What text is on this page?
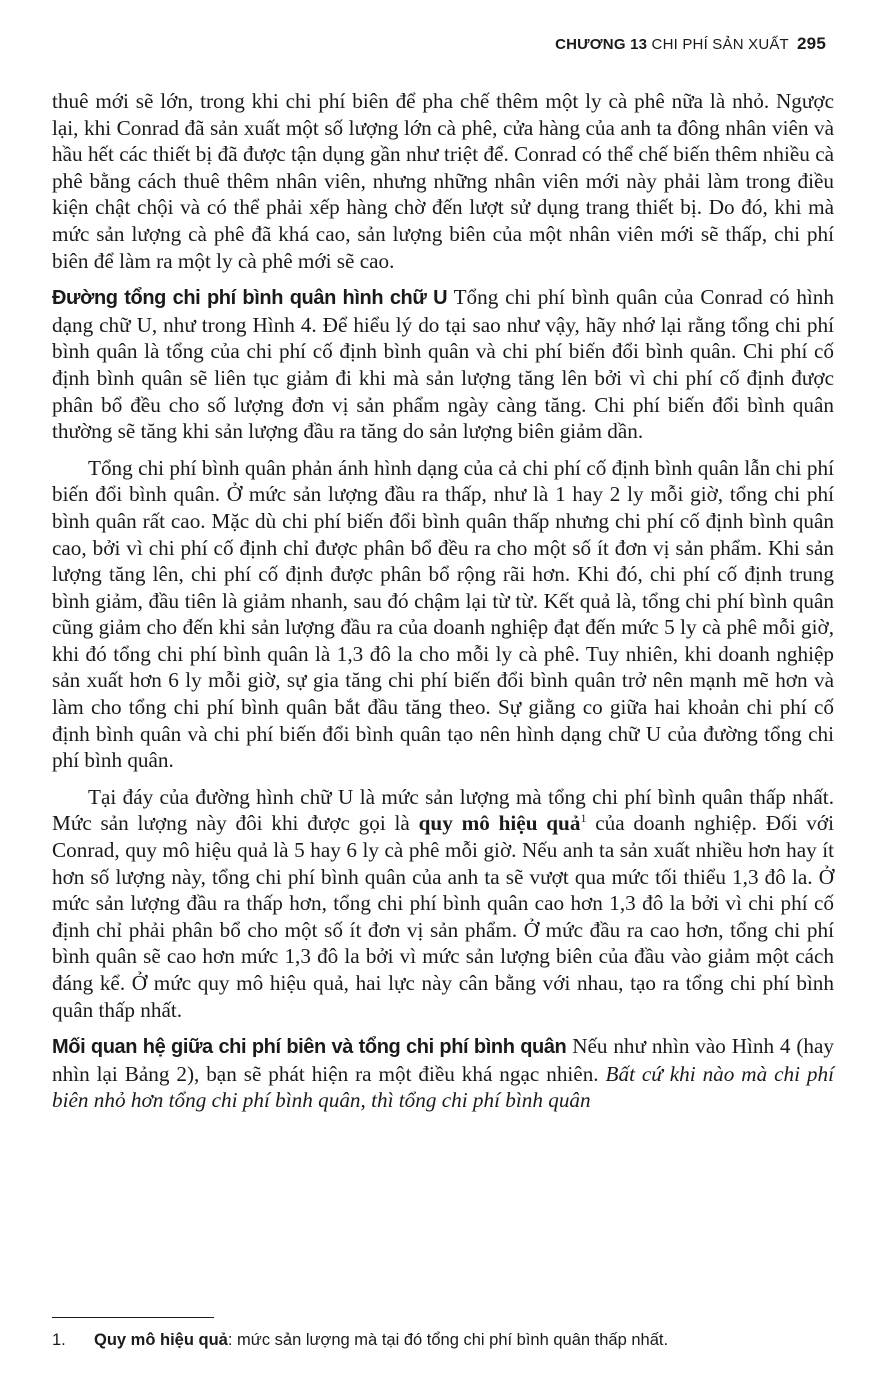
CHƯƠNG 13 CHI PHÍ SẢN XUẤT 295

thuê mới sẽ lớn, trong khi chi phí biên để pha chế thêm một ly cà phê nữa là nhỏ. Ngược lại, khi Conrad đã sản xuất một số lượng lớn cà phê, cửa hàng của anh ta đông nhân viên và hầu hết các thiết bị đã được tận dụng gần như triệt để. Conrad có thể chế biến thêm nhiều cà phê bằng cách thuê thêm nhân viên, nhưng những nhân viên mới này phải làm trong điều kiện chật chội và có thể phải xếp hàng chờ đến lượt sử dụng trang thiết bị. Do đó, khi mà mức sản lượng cà phê đã khá cao, sản lượng biên của một nhân viên mới sẽ thấp, chi phí biên để làm ra một ly cà phê mới sẽ cao.

Đường tổng chi phí bình quân hình chữ U Tổng chi phí bình quân của Conrad có hình dạng chữ U, như trong Hình 4. Để hiểu lý do tại sao như vậy, hãy nhớ lại rằng tổng chi phí bình quân là tổng của chi phí cố định bình quân và chi phí biến đổi bình quân. Chi phí cố định bình quân sẽ liên tục giảm đi khi mà sản lượng tăng lên bởi vì chi phí cố định được phân bổ đều cho số lượng đơn vị sản phẩm ngày càng tăng. Chi phí biến đổi bình quân thường sẽ tăng khi sản lượng đầu ra tăng do sản lượng biên giảm dần.

Tổng chi phí bình quân phản ánh hình dạng của cả chi phí cố định bình quân lẫn chi phí biến đổi bình quân. Ở mức sản lượng đầu ra thấp, như là 1 hay 2 ly mỗi giờ, tổng chi phí bình quân rất cao. Mặc dù chi phí biến đổi bình quân thấp nhưng chi phí cố định bình quân cao, bởi vì chi phí cố định chỉ được phân bổ đều ra cho một số ít đơn vị sản phẩm. Khi sản lượng tăng lên, chi phí cố định được phân bổ rộng rãi hơn. Khi đó, chi phí cố định trung bình giảm, đầu tiên là giảm nhanh, sau đó chậm lại từ từ. Kết quả là, tổng chi phí bình quân cũng giảm cho đến khi sản lượng đầu ra của doanh nghiệp đạt đến mức 5 ly cà phê mỗi giờ, khi đó tổng chi phí bình quân là 1,3 đô la cho mỗi ly cà phê. Tuy nhiên, khi doanh nghiệp sản xuất hơn 6 ly mỗi giờ, sự gia tăng chi phí biến đổi bình quân trở nên mạnh mẽ hơn và làm cho tổng chi phí bình quân bắt đầu tăng theo. Sự giằng co giữa hai khoản chi phí cố định bình quân và chi phí biến đổi bình quân tạo nên hình dạng chữ U của đường tổng chi phí bình quân.

Tại đáy của đường hình chữ U là mức sản lượng mà tổng chi phí bình quân thấp nhất. Mức sản lượng này đôi khi được gọi là quy mô hiệu quả$^1$ của doanh nghiệp. Đối với Conrad, quy mô hiệu quả là 5 hay 6 ly cà phê mỗi giờ. Nếu anh ta sản xuất nhiều hơn hay ít hơn số lượng này, tổng chi phí bình quân của anh ta sẽ vượt qua mức tối thiểu 1,3 đô la. Ở mức sản lượng đầu ra thấp hơn, tổng chi phí bình quân cao hơn 1,3 đô la bởi vì chi phí cố định chỉ phải phân bổ cho một số ít đơn vị sản phẩm. Ở mức đầu ra cao hơn, tổng chi phí bình quân sẽ cao hơn mức 1,3 đô la bởi vì mức sản lượng biên của đầu vào giảm một cách đáng kể. Ở mức quy mô hiệu quả, hai lực này cân bằng với nhau, tạo ra tổng chi phí bình quân thấp nhất.

Mối quan hệ giữa chi phí biên và tổng chi phí bình quân Nếu như nhìn vào Hình 4 (hay nhìn lại Bảng 2), bạn sẽ phát hiện ra một điều khá ngạc nhiên. Bất cứ khi nào mà chi phí biên nhỏ hơn tổng chi phí bình quân, thì tổng chi phí bình quân

1. Quy mô hiệu quả: mức sản lượng mà tại đó tổng chi phí bình quân thấp nhất.
